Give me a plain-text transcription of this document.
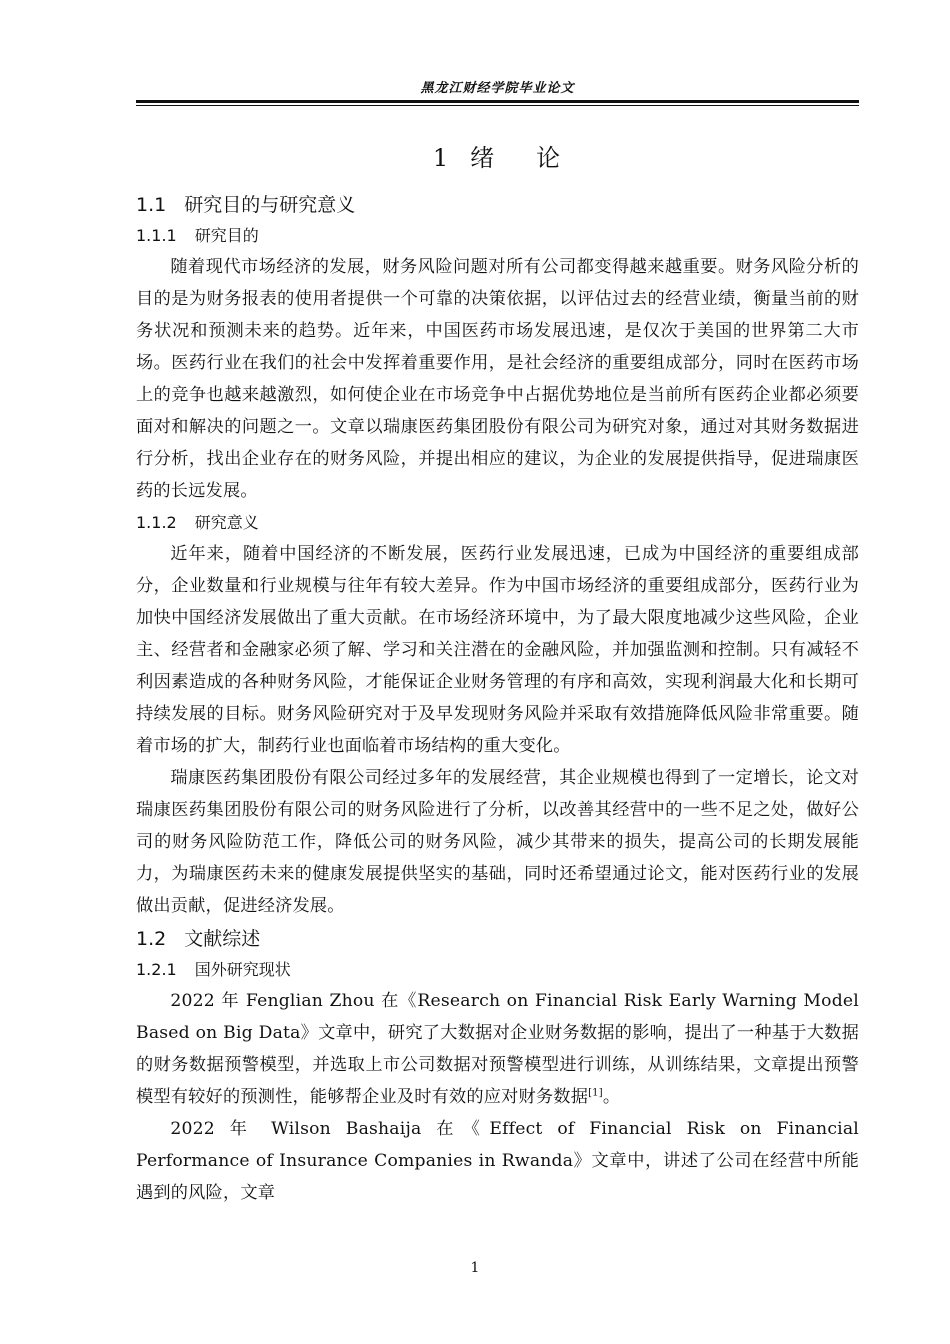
黑龙江财经学院毕业论文
1 绪 论
1.1 研究目的与研究意义
1.1.1 研究目的

随着现代市场经济的发展，财务风险问题对所有公司都变得越来越重要。财务风险分析的目的是为财务报表的使用者提供一个可靠的决策依据，以评估过去的经营业绩，衡量当前的财务状况和预测未来的趋势。近年来，中国医药市场发展迅速，是仅次于美国的世界第二大市场。医药行业在我们的社会中发挥着重要作用，是社会经济的重要组成部分，同时在医药市场上的竞争也越来越激烈，如何使企业在市场竞争中占据优势地位是当前所有医药企业都必须要面对和解决的问题之一。文章以瑞康医药集团股份有限公司为研究对象，通过对其财务数据进行分析，找出企业存在的财务风险，并提出相应的建议，为企业的发展提供指导，促进瑞康医药的长远发展。

1.1.2 研究意义

近年来，随着中国经济的不断发展，医药行业发展迅速，已成为中国经济的重要组成部分，企业数量和行业规模与往年有较大差异。作为中国市场经济的重要组成部分，医药行业为加快中国经济发展做出了重大贡献。在市场经济环境中，为了最大限度地减少这些风险，企业主、经营者和金融家必须了解、学习和关注潜在的金融风险，并加强监测和控制。只有减轻不利因素造成的各种财务风险，才能保证企业财务管理的有序和高效，实现利润最大化和长期可持续发展的目标。财务风险研究对于及早发现财务风险并采取有效措施降低风险非常重要。随着市场的扩大，制药行业也面临着市场结构的重大变化。

瑞康医药集团股份有限公司经过多年的发展经营，其企业规模也得到了一定增长，论文对瑞康医药集团股份有限公司的财务风险进行了分析，以改善其经营中的一些不足之处，做好公司的财务风险防范工作，降低公司的财务风险，减少其带来的损失，提高公司的长期发展能力，为瑞康医药未来的健康发展提供坚实的基础，同时还希望通过论文，能对医药行业的发展做出贡献，促进经济发展。

1.2 文献综述
1.2.1 国外研究现状

2022 年 Fenglian Zhou 在《Research on Financial Risk Early Warning Model Based on Big Data》文章中，研究了大数据对企业财务数据的影响，提出了一种基于大数据的财务数据预警模型，并选取上市公司数据对预警模型进行训练，从训练结果，文章提出预警模型有较好的预测性，能够帮企业及时有效的应对财务数据[1]。

2022 年 Wilson Bashaija 在《Effect of Financial Risk on Financial Performance of Insurance Companies in Rwanda》文章中，讲述了公司在经营中所能遇到的风险，文章

1
